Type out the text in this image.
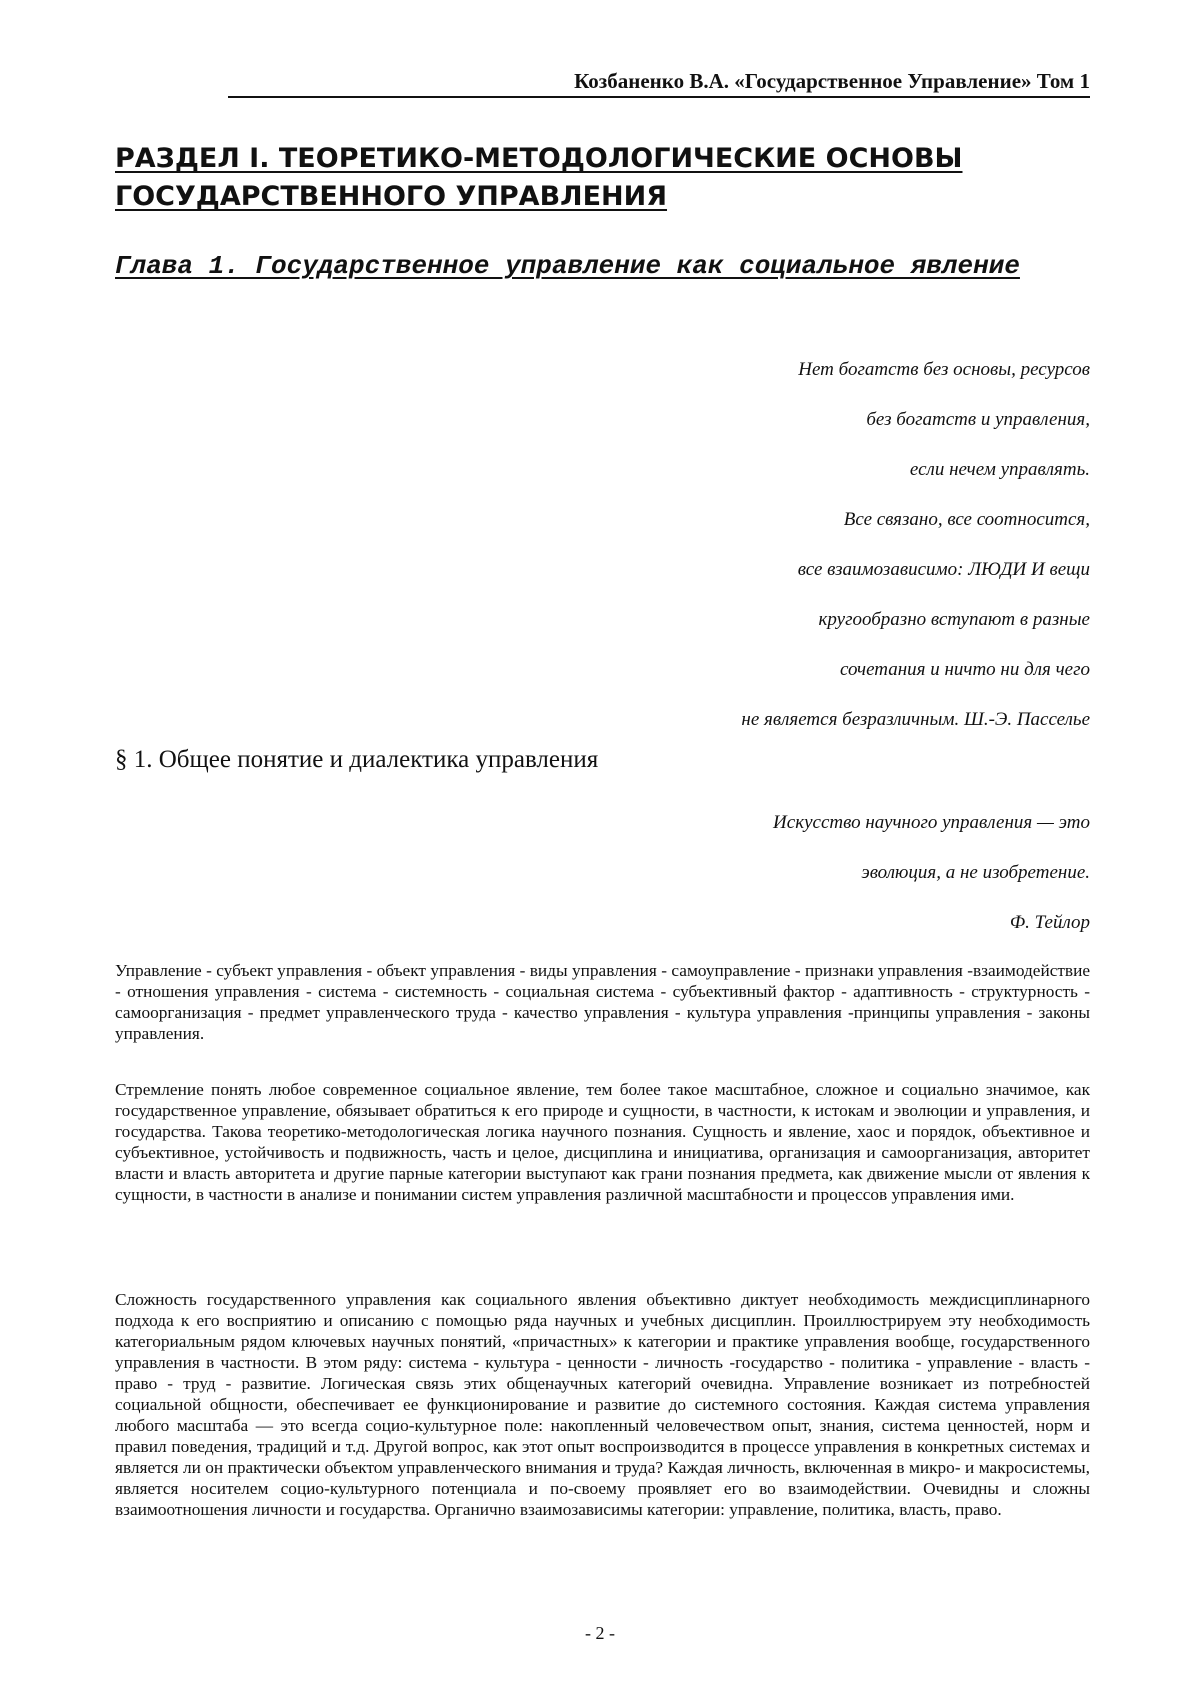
Козбаненко В.А. «Государственное Управление» Том 1
РАЗДЕЛ I. ТЕОРЕТИКО-МЕТОДОЛОГИЧЕСКИЕ ОСНОВЫ ГОСУДАРСТВЕННОГО УПРАВЛЕНИЯ
Глава 1. Государственное управление как социальное явление
Нет богатств без основы, ресурсов
без богатств и управления,
если нечем управлять.
Все связано, все соотносится,
все взаимозависимо: ЛЮДИ И вещи
кругообразно вступают в разные
сочетания и ничто ни для чего
не является безразличным. Ш.-Э. Пасселье
§ 1. Общее понятие и диалектика управления
Искусство научного управления — это
эволюция, а не изобретение.
Ф. Тейлор

Управление - субъект управления - объект управления - виды управления - самоуправление - признаки управления -взаимодействие - отношения управления - система - системность - социальная система - субъективный фактор - адаптивность - структурность - самоорганизация - предмет управленческого труда - качество управления - культура управления -принципы управления - законы управления.

Стремление понять любое современное социальное явление, тем более такое масштабное, сложное и социально значимое, как государственное управление, обязывает обратиться к его природе и сущности, в частности, к истокам и эволюции и управления, и государства. Такова теоретико-методологическая логика научного познания. Сущность и явление, хаос и порядок, объективное и субъективное, устойчивость и подвижность, часть и целое, дисциплина и инициатива, организация и самоорганизация, авторитет власти и власть авторитета и другие парные категории выступают как грани познания предмета, как движение мысли от явления к сущности, в частности в анализе и понимании систем управления различной масштабности и процессов управления ими.

Сложность государственного управления как социального явления объективно диктует необходимость междисциплинарного подхода к его восприятию и описанию с помощью ряда научных и учебных дисциплин. Проиллюстрируем эту необходимость категориальным рядом ключевых научных понятий, «причастных» к категории и практике управления вообще, государственного управления в частности. В этом ряду: система - культура - ценности - личность -государство - политика - управление - власть - право - труд - развитие. Логическая связь этих общенаучных категорий очевидна. Управление возникает из потребностей социальной общности, обеспечивает ее функционирование и развитие до системного состояния. Каждая система управления любого масштаба — это всегда социо-культурное поле: накопленный человечеством опыт, знания, система ценностей, норм и правил поведения, традиций и т.д. Другой вопрос, как этот опыт воспроизводится в процессе управления в конкретных системах и является ли он практически объектом управленческого внимания и труда? Каждая личность, включенная в микро- и макросистемы, является носителем социо-культурного потенциала и по-своему проявляет его во взаимодействии. Очевидны и сложны взаимоотношения личности и государства. Органично взаимозависимы категории: управление, политика, власть, право.

- 2 -
